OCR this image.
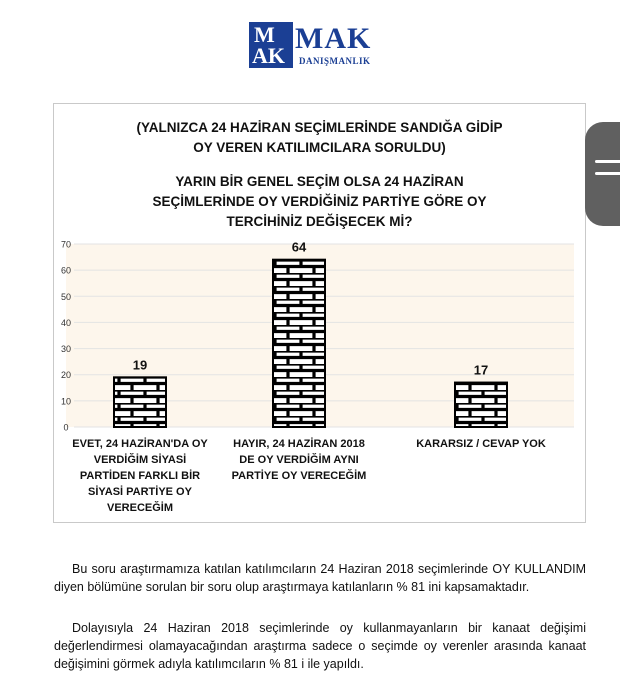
M
AK
MAK
DANIŞMANLIK
(YALNIZCA 24 HAZİRAN SEÇİMLERİNDE SANDIĞA GİDİP
OY VEREN KATILIMCILARA SORULDU)
YARIN BİR GENEL SEÇİM OLSA 24 HAZİRAN
SEÇİMLERİNDE OY VERDİĞİNİZ PARTİYE GÖRE OY
TERCİHİNİZ DEĞİŞECEK Mİ?
0
10
20
30
40
50
60
70
19
EVET, 24 HAZİRAN'DA OY
VERDİĞİM SİYASİ
PARTİDEN FARKLI BİR
SİYASİ PARTİYE OY
VERECEĞİM
64
HAYIR, 24 HAZİRAN 2018
DE OY VERDİĞİM AYNI
PARTİYE OY VERECEĞİM
17
KARARSIZ / CEVAP YOK
Bu soru araştırmamıza katılan katılımcıların 24 Haziran 2018 seçimlerinde OY KULLANDIM diyen bölümüne sorulan bir soru olup araştırmaya katılanların % 81 ini kapsamaktadır.
Dolayısıyla 24 Haziran 2018 seçimlerinde oy kullanmayanların bir kanaat değişimi değerlendirmesi olamayacağından araştırma sadece o seçimde oy verenler arasında kanaat değişimini görmek adıyla katılımcıların % 81 i ile yapıldı.
